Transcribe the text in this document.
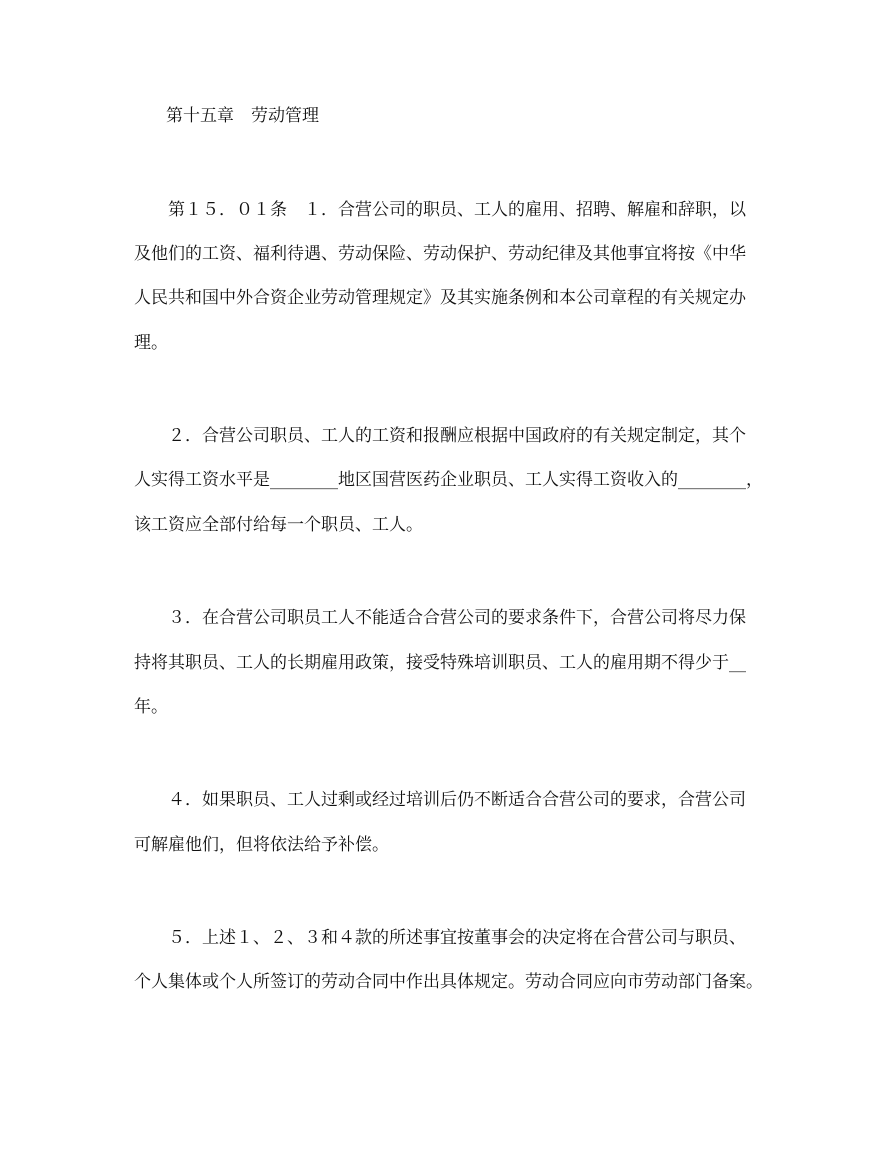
第十五章　劳动管理
　　第１５．０１条　１．合营公司的职员、工人的雇用、招聘、解雇和辞职，以
及他们的工资、福利待遇、劳动保险、劳动保护、劳动纪律及其他事宜将按《中华
人民共和国中外合资企业劳动管理规定》及其实施条例和本公司章程的有关规定办
理。
　　２．合营公司职员、工人的工资和报酬应根据中国政府的有关规定制定，其个
人实得工资水平是________地区国营医药企业职员、工人实得工资收入的________，
该工资应全部付给每一个职员、工人。
　　３．在合营公司职员工人不能适合合营公司的要求条件下，合营公司将尽力保
持将其职员、工人的长期雇用政策，接受特殊培训职员、工人的雇用期不得少于__
年。
　　４．如果职员、工人过剩或经过培训后仍不断适合合营公司的要求，合营公司
可解雇他们，但将依法给予补偿。
　　５．上述１、２、３和４款的所述事宜按董事会的决定将在合营公司与职员、
个人集体或个人所签订的劳动合同中作出具体规定。劳动合同应向市劳动部门备案。
